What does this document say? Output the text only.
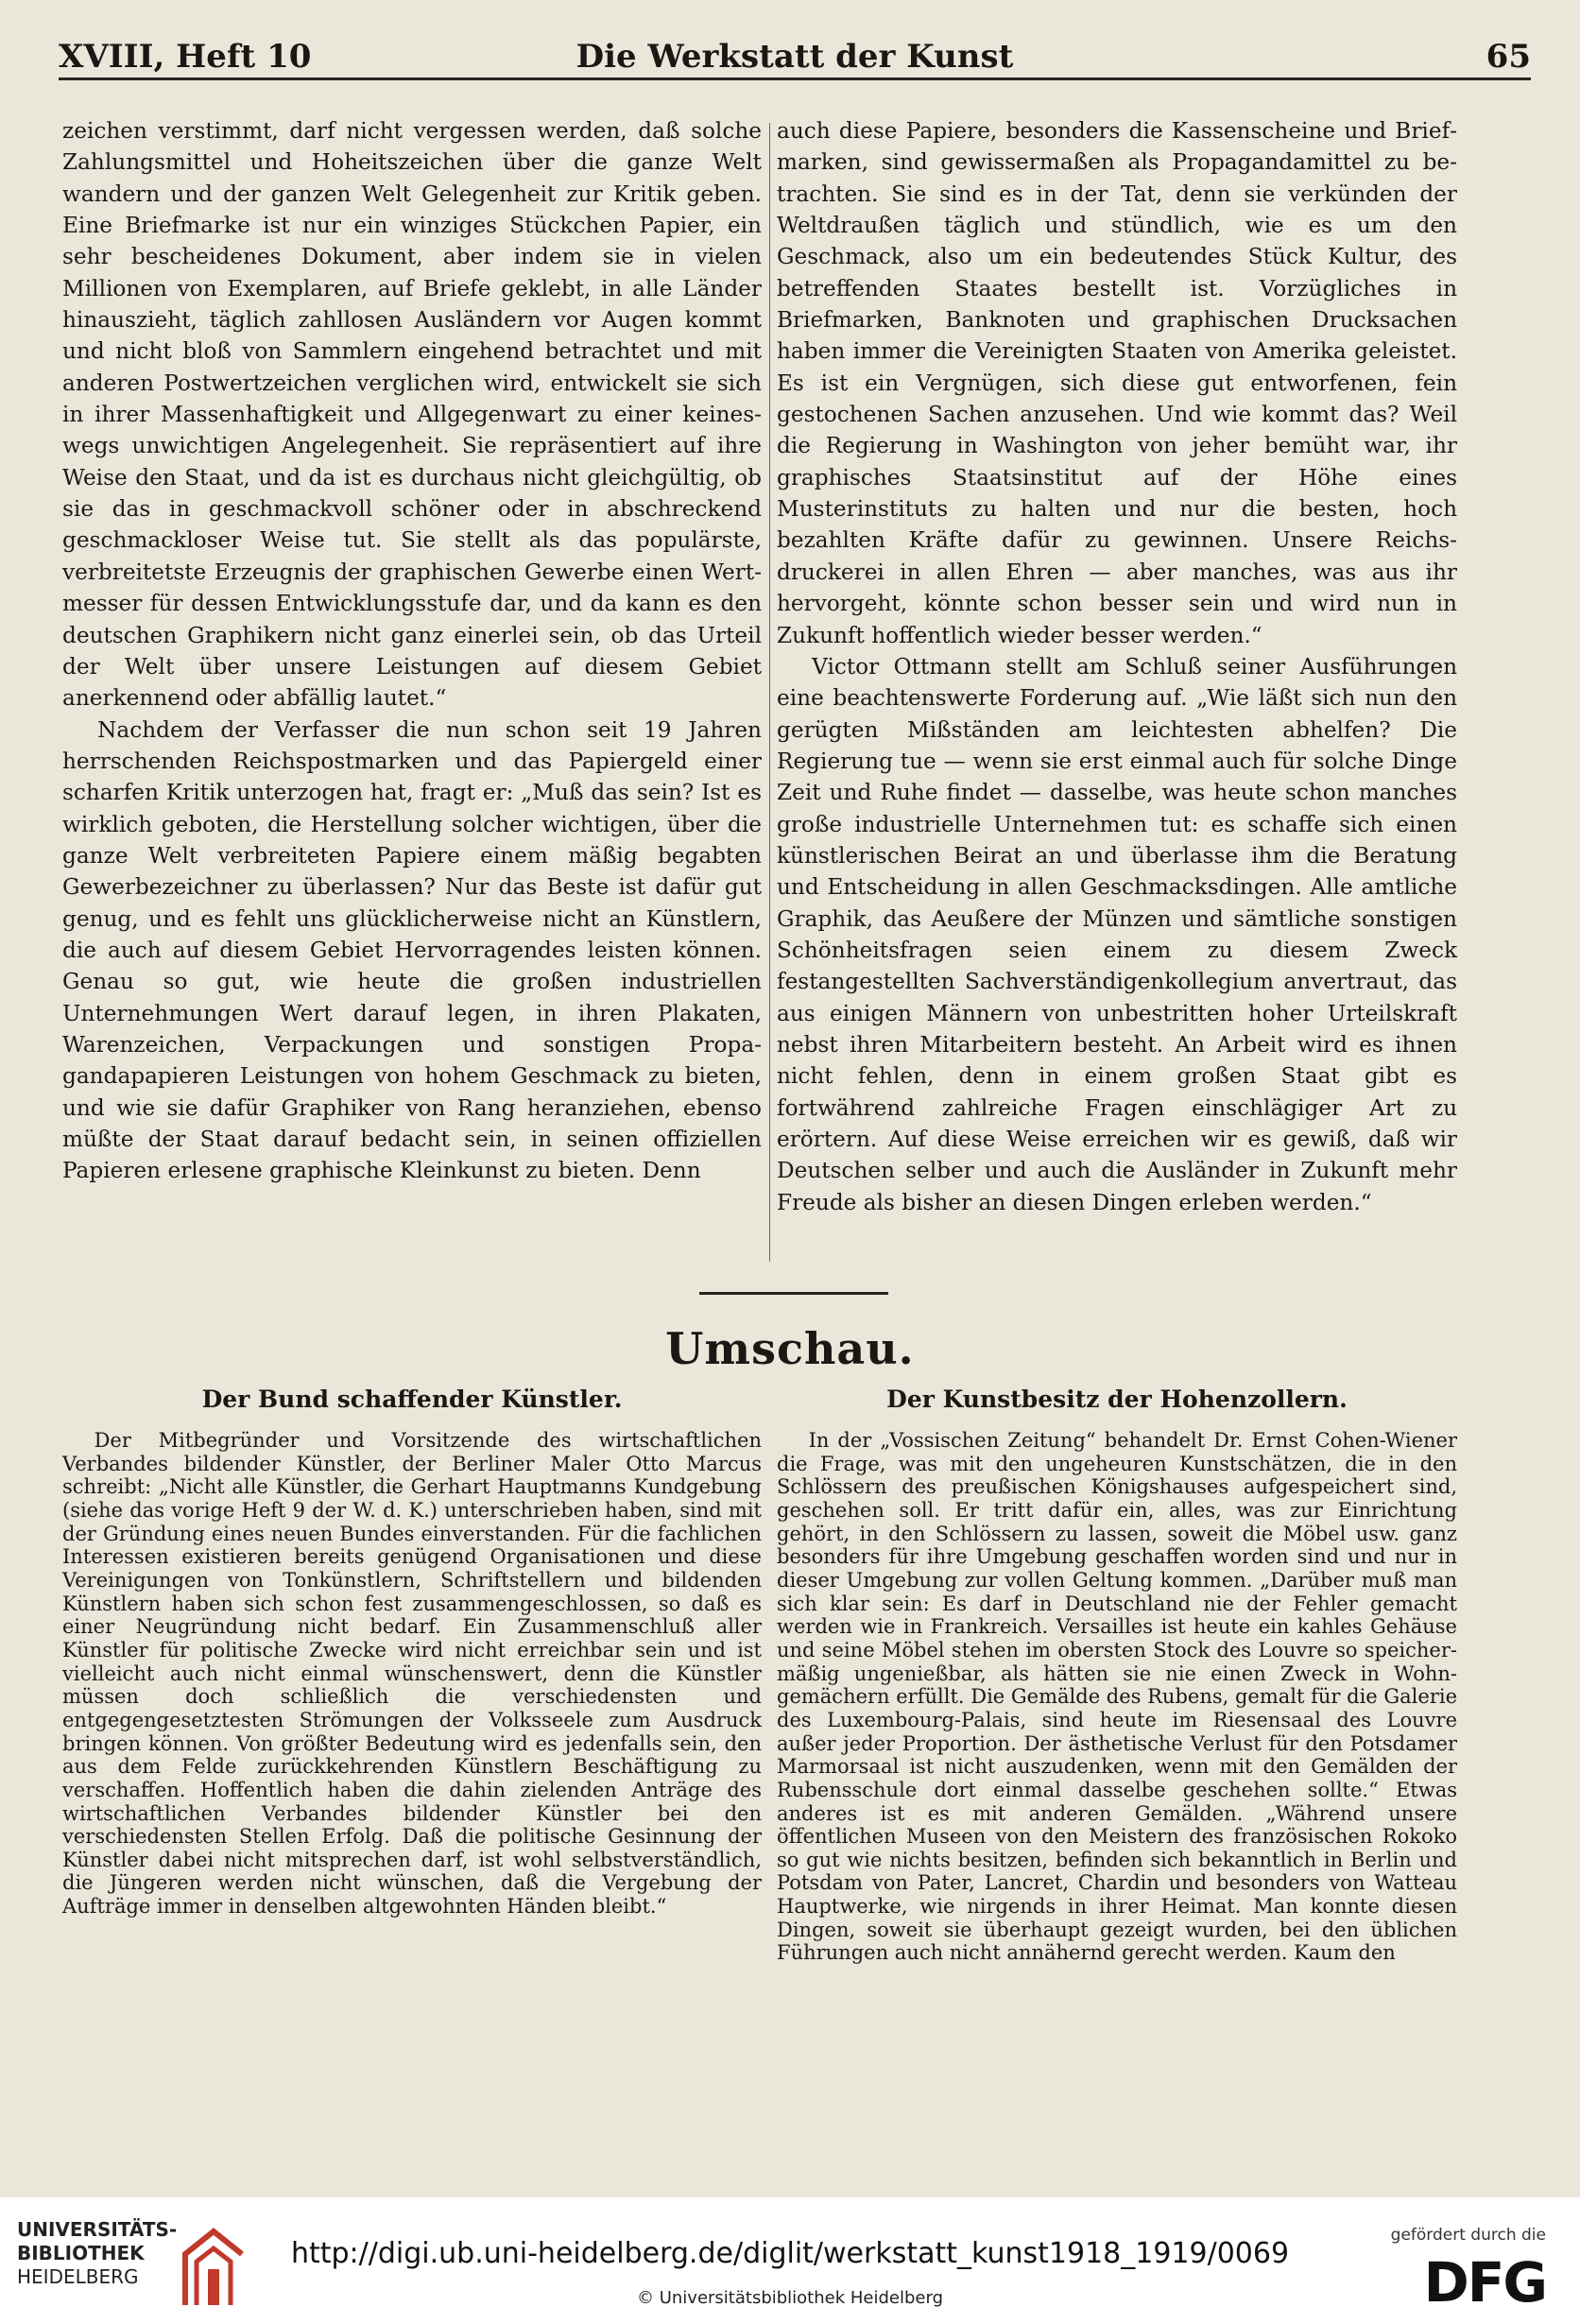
XVIII, Heft 10	Die Werkstatt der Kunst	65

zeichen verstimmt, darf nicht vergessen werden, daß solche Zahlungsmittel und Hoheitszeichen über die ganze Welt wandern und der ganzen Welt Gelegenheit zur Kritik geben. Eine Briefmarke ist nur ein winziges Stückchen Papier, ein sehr bescheidenes Dokument, aber indem sie in vielen Millionen von Exemplaren, auf Briefe geklebt, in alle Länder hinauszieht, täglich zahllosen Ausländern vor Augen kommt und nicht bloß von Sammlern eingehend betrachtet und mit anderen Postwertzeichen verglichen wird, entwickelt sie sich in ihrer Massenhaftigkeit und Allgegenwart zu einer keineswegs unwichtigen Angelegenheit. Sie repräsentiert auf ihre Weise den Staat, und da ist es durchaus nicht gleichgültig, ob sie das in geschmackvoll schöner oder in abschreckend geschmackloser Weise tut. Sie stellt als das populärste, verbreitetste Erzeugnis der graphischen Gewerbe einen Wertmesser für dessen Entwicklungsstufe dar, und da kann es den deutschen Graphikern nicht ganz einerlei sein, ob das Urteil der Welt über unsere Leistungen auf diesem Gebiet anerkennend oder abfällig lautet.“

Nachdem der Verfasser die nun schon seit 19 Jahren herrschenden Reichspostmarken und das Papiergeld einer scharfen Kritik unterzogen hat, fragt er: „Muß das sein? Ist es wirklich geboten, die Herstellung solcher wichtigen, über die ganze Welt verbreiteten Papiere einem mäßig begabten Gewerbezeichner zu überlassen? Nur das Beste ist dafür gut genug, und es fehlt uns glücklicherweise nicht an Künstlern, die auch auf diesem Gebiet Hervorragendes leisten können. Genau so gut, wie heute die großen industriellen Unternehmungen Wert darauf legen, in ihren Plakaten, Warenzeichen, Verpackungen und sonstigen Propagandapapieren Leistungen von hohem Geschmack zu bieten, und wie sie dafür Graphiker von Rang heranziehen, ebenso müßte der Staat darauf bedacht sein, in seinen offiziellen Papieren erlesene graphische Kleinkunst zu bieten. Denn

auch diese Papiere, besonders die Kassenscheine und Briefmarken, sind gewissermaßen als Propagandamittel zu betrachten. Sie sind es in der Tat, denn sie verkünden der Weltdraußen täglich und stündlich, wie es um den Geschmack, also um ein bedeutendes Stück Kultur, des betreffenden Staates bestellt ist. Vorzügliches in Briefmarken, Banknoten und graphischen Drucksachen haben immer die Vereinigten Staaten von Amerika geleistet. Es ist ein Vergnügen, sich diese gut entworfenen, fein gestochenen Sachen anzusehen. Und wie kommt das? Weil die Regierung in Washington von jeher bemüht war, ihr graphisches Staatsinstitut auf der Höhe eines Musterinstituts zu halten und nur die besten, hoch bezahlten Kräfte dafür zu gewinnen. Unsere Reichsdruckerei in allen Ehren — aber manches, was aus ihr hervorgeht, könnte schon besser sein und wird nun in Zukunft hoffentlich wieder besser werden.“

Victor Ottmann stellt am Schluß seiner Ausführungen eine beachtenswerte Forderung auf. „Wie läßt sich nun den gerügten Mißständen am leichtesten abhelfen? Die Regierung tue — wenn sie erst einmal auch für solche Dinge Zeit und Ruhe findet — dasselbe, was heute schon manches große industrielle Unternehmen tut: es schaffe sich einen künstlerischen Beirat an und überlasse ihm die Beratung und Entscheidung in allen Geschmacksdingen. Alle amtliche Graphik, das Aeußere der Münzen und sämtliche sonstigen Schönheitsfragen seien einem zu diesem Zweck festangestellten Sachverständigenkollegium anvertraut, das aus einigen Männern von unbestritten hoher Urteilskraft nebst ihren Mitarbeitern besteht. An Arbeit wird es ihnen nicht fehlen, denn in einem großen Staat gibt es fortwährend zahlreiche Fragen einschlägiger Art zu erörtern. Auf diese Weise erreichen wir es gewiß, daß wir Deutschen selber und auch die Ausländer in Zukunft mehr Freude als bisher an diesen Dingen erleben werden.“

Umschau.
Der Bund schaffender Künstler.	Der Kunstbesitz der Hohenzollern.

Der Mitbegründer und Vorsitzende des wirtschaftlichen Verbandes bildender Künstler, der Berliner Maler Otto Marcus schreibt: „Nicht alle Künstler, die Gerhart Hauptmanns Kundgebung (siehe das vorige Heft 9 der W. d. K.) unterschrieben haben, sind mit der Gründung eines neuen Bundes einverstanden. Für die fachlichen Interessen existieren bereits genügend Organisationen und diese Vereinigungen von Tonkünstlern, Schriftstellern und bildenden Künstlern haben sich schon fest zusammengeschlossen, so daß es einer Neugründung nicht bedarf. Ein Zusammenschluß aller Künstler für politische Zwecke wird nicht erreichbar sein und ist vielleicht auch nicht einmal wünschenswert, denn die Künstler müssen doch schließlich die verschiedensten und entgegengesetztesten Strömungen der Volksseele zum Ausdruck bringen können. Von größter Bedeutung wird es jedenfalls sein, den aus dem Felde zurückkehrenden Künstlern Beschäftigung zu verschaffen. Hoffentlich haben die dahin zielenden Anträge des wirtschaftlichen Verbandes bildender Künstler bei den verschiedensten Stellen Erfolg. Daß die politische Gesinnung der Künstler dabei nicht mitsprechen darf, ist wohl selbstverständlich, die Jüngeren werden nicht wünschen, daß die Vergebung der Aufträge immer in denselben altgewohnten Händen bleibt.“

In der „Vossischen Zeitung“ behandelt Dr. Ernst Cohen-Wiener die Frage, was mit den ungeheuren Kunstschätzen, die in den Schlössern des preußischen Königshauses aufgespeichert sind, geschehen soll. Er tritt dafür ein, alles, was zur Einrichtung gehört, in den Schlössern zu lassen, soweit die Möbel usw. ganz besonders für ihre Umgebung geschaffen worden sind und nur in dieser Umgebung zur vollen Geltung kommen. „Darüber muß man sich klar sein: Es darf in Deutschland nie der Fehler gemacht werden wie in Frankreich. Versailles ist heute ein kahles Gehäuse und seine Möbel stehen im obersten Stock des Louvre so speichermäßig ungenießbar, als hätten sie nie einen Zweck in Wohngemächern erfüllt. Die Gemälde des Rubens, gemalt für die Galerie des Luxembourg-Palais, sind heute im Riesensaal des Louvre außer jeder Proportion. Der ästhetische Verlust für den Potsdamer Marmorsaal ist nicht auszudenken, wenn mit den Gemälden der Rubensschule dort einmal dasselbe geschehen sollte.“ Etwas anderes ist es mit anderen Gemälden. „Während unsere öffentlichen Museen von den Meistern des französischen Rokoko so gut wie nichts besitzen, befinden sich bekanntlich in Berlin und Potsdam von Pater, Lancret, Chardin und besonders von Watteau Hauptwerke, wie nirgends in ihrer Heimat. Man konnte diesen Dingen, soweit sie überhaupt gezeigt wurden, bei den üblichen Führungen auch nicht annähernd gerecht werden. Kaum den

UNIVERSITÄTS-
BIBLIOTHEK
HEIDELBERG
http://digi.ub.uni-heidelberg.de/diglit/werkstatt_kunst1918_1919/0069
© Universitätsbibliothek Heidelberg
gefördert durch die
DFG
